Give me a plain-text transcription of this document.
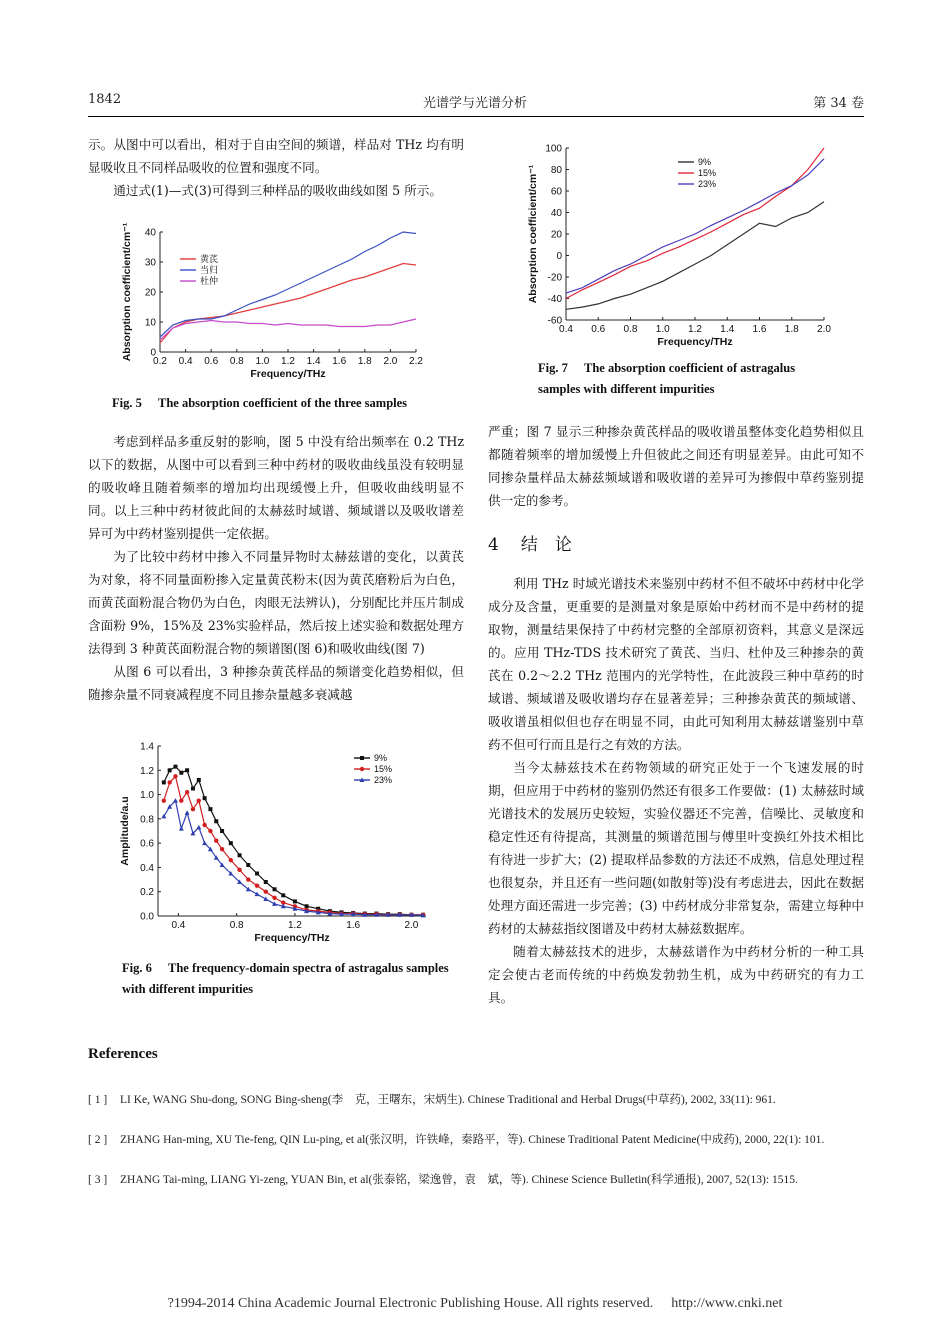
1842	光谱学与光谱分析	第 34 卷

示。从图中可以看出，相对于自由空间的频谱，样品对 THz 均有明显吸收且不同样品吸收的位置和强度不同。

通过式(1)—式(3)可得到三种样品的吸收曲线如图 5 所示。

0.2 0.4 0.6 0.8 1.0 1.2 1.4 1.6 1.8 2.0 2.2
0
10
20
30
40
Frequency/THz
Absorption coefficient/cm⁻¹	黄芪
当归
杜仲
Fig. 5 The absorption coefficient of the three samples

考虑到样品多重反射的影响，图 5 中没有给出频率在 0.2 THz 以下的数据，从图中可以看到三种中药材的吸收曲线虽没有较明显的吸收峰且随着频率的增加均出现缓慢上升，但吸收曲线明显不同。以上三种中药材彼此间的太赫兹时域谱、频域谱以及吸收谱差异可为中药材鉴别提供一定依据。

为了比较中药材中掺入不同量异物时太赫兹谱的变化，以黄芪为对象，将不同量面粉掺入定量黄芪粉末(因为黄芪磨粉后为白色，而黄芪面粉混合物仍为白色，肉眼无法辨认)，分别配比并压片制成含面粉 9%，15%及 23%实验样品，然后按上述实验和数据处理方法得到 3 种黄芪面粉混合物的频谱图(图 6)和吸收曲线(图 7)

从图 6 可以看出，3 种掺杂黄芪样品的频谱变化趋势相似，但随掺杂量不同衰减程度不同且掺杂量越多衰减越

0.4	0.8	1.2	1.6	2.0
0.0
0.2
0.4
0.6
0.8
1.0
1.2
1.4
Frequency/THz
Amplitude/a.u
9%
15%
23%
Fig. 6 The frequency-domain spectra of astragalus samples with different impurities
0.4 0.6 0.8 1.0 1.2 1.4 1.6 1.8 2.0
-60
-40
-20
0
20
40
60
80
100
Frequency/THz
Absorption coefficient/cm⁻¹
9%
15%
23%
Fig. 7 The absorption coefficient of astragalus samples with different impurities

严重；图 7 显示三种掺杂黄芪样品的吸收谱虽整体变化趋势相似且都随着频率的增加缓慢上升但彼此之间还有明显差异。由此可知不同掺杂量样品太赫兹频域谱和吸收谱的差异可为掺假中草药鉴别提供一定的参考。

4 结　论

利用 THz 时域光谱技术来鉴别中药材不但不破坏中药材中化学成分及含量，更重要的是测量对象是原始中药材而不是中药材的提取物，测量结果保持了中药材完整的全部原初资料，其意义是深远的。应用 THz-TDS 技术研究了黄芪、当归、杜仲及三种掺杂的黄芪在 0.2～2.2 THz 范围内的光学特性，在此波段三种中草药的时域谱、频域谱及吸收谱均存在显著差异；三种掺杂黄芪的频域谱、吸收谱虽相似但也存在明显不同，由此可知利用太赫兹谱鉴别中草药不但可行而且是行之有效的方法。

当今太赫兹技术在药物领域的研究正处于一个飞速发展的时期，但应用于中药材的鉴别仍然还有很多工作要做：(1) 太赫兹时域光谱技术的发展历史较短，实验仪器还不完善，信噪比、灵敏度和稳定性还有待提高，其测量的频谱范围与傅里叶变换红外技术相比有待进一步扩大；(2) 提取样品参数的方法还不成熟，信息处理过程也很复杂，并且还有一些问题(如散射等)没有考虑进去，因此在数据处理方面还需进一步完善；(3) 中药材成分非常复杂，需建立每种中药材的太赫兹指纹图谱及中药材太赫兹数据库。

随着太赫兹技术的进步，太赫兹谱作为中药材分析的一种工具定会使古老而传统的中药焕发勃勃生机，成为中药研究的有力工具。

References
[ 1 ] LI Ke, WANG Shu-dong, SONG Bing-sheng(李　克，王曙东，宋炳生). Chinese Traditional and Herbal Drugs(中草药), 2002, 33(11): 961.
[ 2 ] ZHANG Han-ming, XU Tie-feng, QIN Lu-ping, et al(张汉明，许铁峰，秦路平，等). Chinese Traditional Patent Medicine(中成药), 2000, 22(1): 101.
[ 3 ] ZHANG Tai-ming, LIANG Yi-zeng, YUAN Bin, et al(张泰铭，梁逸曾，袁　斌，等). Chinese Science Bulletin(科学通报), 2007, 52(13): 1515.
?1994-2014 China Academic Journal Electronic Publishing House. All rights reserved. http://www.cnki.net
